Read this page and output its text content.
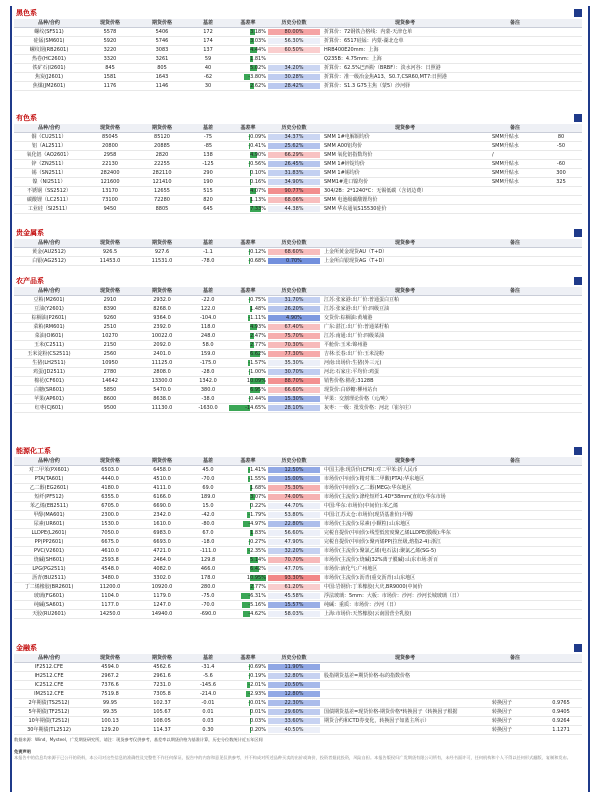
黑色系
品种/合约	现货价格	期货价格	基差	基差率	历史分位数	现货参考	备注	
螺纹(SF511)	5578	5406	172	3.18%	80.00%	折算价：72钢铁合格线：内蒙-天津仓单		
硅锰(SM601)	5920	5746	174	3.03%	56.30%	折算价：6517硅锰：内蒙-湖北仓单		
螺纹钢(RB2601)	3220	3083	137	4.44%	60.50%	HRB400E20mm：上海		
热卷(HC2601)	3320	3261	59	1.81%		Q235B：4.75mm：上海		
铁矿石(I2601)	845	805	40	5.02%	34.20%	折算价：62.5%巴西粉（BRBF）：淡水河谷：日照港		
焦炭(J2601)	1581	1643	-62	-3.80%	30.28%	折算价：准一级冶金焦A13、S0.7,CSR60,MT7:日照港		
焦煤(JM2601)	1176	1146	30	2.62%	28.42%	折算价：S1.3 G75主焦（蒙5）沙河驿		
有色系
品种/合约	现货价格	期货价格	基差	基差率	历史分位数	现货参考	备注	
铜（CU2511）	85045	85120	-75	-0.09%	34.37%	SMM 1#电解铜均价	SMM升贴水	80
铝（AL2511）	20800	20885	-85	-0.41%	25.62%	SMM A00铝均价	SMM升贴水	-50
氧化铝（AO2601）	2958	2820	138	4.90%	66.29%	SMM 氧化铝指数均价	/	
锌（ZN2511）	22130	22255	-125	-0.56%	26.45%	SMM 1#锌锭均价	SMM升贴水	-60
锡（SN2511）	282400	282110	290	0.10%	31.83%	SMM 1#锡均价	SMM升贴水	300
镍（NI2511）	121600	121410	190	0.16%	34.90%	SMM1#进口镍均价	SMM升贴水	325
不锈钢（SS2512）	13170	12655	515	4.07%	90.77%	304/2B：2*1240*C：无锡低碳（含切边费）		
碳酸锂（LC2511）	73100	72280	820	1.13%	68.06%	SMM 电池级碳酸锂均价		
工业硅（SI2511）	9450	8805	645	7.33%	44.38%	SMM 华东通氧S15530硅价		
贵金属系
品种/合约	现货价格	期货价格	基差	基差率	历史分位数	现货参考	备注	
黄金(AU2512)	926.5	927.6	-1.1	-0.12%	68.60%	上金所黄金现货AU（T+D）		
白银(AG2512)	11453.0	11531.0	-78.0	-0.68%	0.70%	上金所白银现货AG（T+D）		
农产品系
品种/合约	现货价格	期货价格	基差	基差率	历史分位数	现货参考	备注	
豆粕(M2601)	2910	2932.0	-22.0	-0.75%	31.70%	江苏:张家港:出厂价:普通蛋白豆粕		
豆油(Y2601)	8390	8268.0	122.0	1.48%	26.20%	江苏:张家港:出厂价:四级豆油		
棕榈油(P2601)	9260	9364.0	-104.0	-1.11%	4.90%	交货价:棕榈油:黄埔港		
菜粕(RM601)	2510	2392.0	118.0	4.93%	67.40%	广东:湛江:出厂价:普通菜籽粕		
菜油(OI601)	10270	10022.0	248.0	2.47%	75.70%	江苏:南通:出厂价:四级菜油		
玉米(C2511)	2150	2092.0	58.0	2.77%	70.30%	平舱价:玉米:锦州港		
玉米淀粉(CS2511)	2560	2401.0	159.0	6.62%	77.30%	吉林:长春:出厂价:玉米淀粉		
生猪(LH2511)	10950	11125.0	-175.0	-1.57%	35.30%	河南:出场价:生猪(外三元)		
鸡蛋(JD2511)	2780	2808.0	-28.0	-1.00%	30.70%	河北:石家庄:平均价:鸡蛋		
棉花(CF601)	14642	13300.0	1342.0	10.09%	88.70%	销售价格:棉花:3128B		
白糖(SR601)	5850	5470.0	380.0	6.95%	66.60%	现货价:白砂糖:柳州站台		
苹果(AP601)	8600	8638.0	-38.0	-0.44%	15.30%	苹果：交割理论价格（元/吨）		
红枣(CJ601)	9500	11130.0	-1630.0	-14.65%	28.10%	灰枣：一级：批发价格：河北（崔尔庄）		
能源化工系
品种/合约	现货价格	期货价格	基差	基差率	历史分位数	现货参考	备注	
对二甲苯(PX601)	6503.0	6458.0	45.0	-1.41%	12.50%	中国主港:现货价(CFR):对二甲苯:折人民币		
PTA(TA601)	4440.0	4510.0	-70.0	-1.55%	15.00%	市场价(中间价):精对苯二甲酸(PTA):华东地区		
乙二醇(EG2601)	4180.0	4111.0	69.0	1.68%	75.30%	市场价(中间价):乙二醇(MEG):华东地区		
短纤(PF512)	6355.0	6166.0	189.0	3.07%	74.00%	市场价(主流价):涤纶短纤1.4D*38mm(直纺):华东市场		
苯乙烯(EB2511)	6705.0	6690.0	15.0	0.22%	44.70%	中国:华东:市场价(中间价):苯乙烯		
甲醇(MA601)	2300.0	2342.0	-42.0	-1.79%	53.80%	中国:江苏太仓:市场价(现货基准价):甲醇		
尿素(UR601)	1530.0	1610.0	-80.0	-4.97%	22.80%	市场价(主流价):尿素(小颗粒):山东地区		
LLDPE(L2601)	7050.0	6983.0	67.0	1.83%	56.60%	完税自提价(中间价):线型低密度聚乙烯LLDPE(膜级):华东		
PP(PP2601)	6675.0	6693.0	-18.0	-0.27%	47.90%	完税自提价(中间价):聚丙烯PP(拉丝级,熔指2-4):浙江		
PVC(V2601)	4610.0	4721.0	-111.0	-2.35%	32.20%	市场价(主流价):聚氯乙烯(电石法):聚氯乙烯(SG-5)		
烧碱(SH601)	2593.8	2464.0	129.8	5.14%	70.70%	市场价(主流价):烧碱(32%离子膜碱):山东市场:折百		
LPG(PG2511)	4548.0	4082.0	466.0	6.42%	47.70%	市场价:液化气:广州地区		
沥青(BU2511)	3480.0	3302.0	178.0	10.95%	93.30%	市场价(主流价):沥青(重交沥青):山东地区		
丁二烯橡胶(BR2601)	11200.0	10920.0	280.0	2.77%	61.20%	中国:岩钢价:丁苯橡胶(大庆,BR9000)中间价		
玻璃(FG601)	1104.0	1179.0	-75.0	-6.31%	45.58%	浮法玻璃：5mm：大板：市场价：沙河：沙河长城玻璃（日）		
纯碱(SA601)	1177.0	1247.0	-70.0	-5.16%	15.57%	纯碱：重质：市场价：沙河（日）		
天胶(RU2601)	14250.0	14940.0	-690.0	-4.62%	58.03%	上海:市场价:天然橡胶(云南国营全乳胶)		
金融系
品种/合约	现货价格	期货价格	基差	基差率	历史分位数	现货参考	备注	
IF2512.CFE	4594.0	4562.6	-31.4	-0.69%	11.90%			
IH2512.CFE	2967.2	2961.6	-5.6	-0.19%	32.80%	股指期货基差=期货价格-标的指数价格		
IC2512.CFE	7376.6	7231.0	-145.6	-2.01%	20.50%			
IM2512.CFE	7519.8	7305.8	-214.0	-2.93%	12.80%			
2年期债(TS2512)	99.95	102.37	-0.01	-0.01%	22.30%		转换因子	0.9765
5年期债(TF2512)	99.35	105.67	0.01	0.01%	29.60%	国债期货基差=现货价格-期货价格*转换因子（转换因子根据	转换因子	0.9405
10年期债(T2512)	100.13	108.05	0.03	0.03%	33.60%	期货合约和CTD券变化，转换因子如蓝主所示）	转换因子	0.9264
30年期债(TL2512)	129.20	114.37	0.30	0.20%	40.50%		转换因子	1.1271
数据来源：Wind，Mysteel，广发期货研究所，请注：现货参考仅供参考，基差率以期货价格为基准计算，历史分位数统计近五年区间
免责声明
本报告中的信息均来源于已公开的资料，本公司对这些信息的准确性及完整性不作任何保证，报告中的内容和意见仅供参考，并不构成对所述品种买卖的出价或询价，投资者据此投资，风险自担。本报告版权归广发期货有限公司所有，未经书面许可，任何机构和个人不得以任何形式翻版、复制和发布。
